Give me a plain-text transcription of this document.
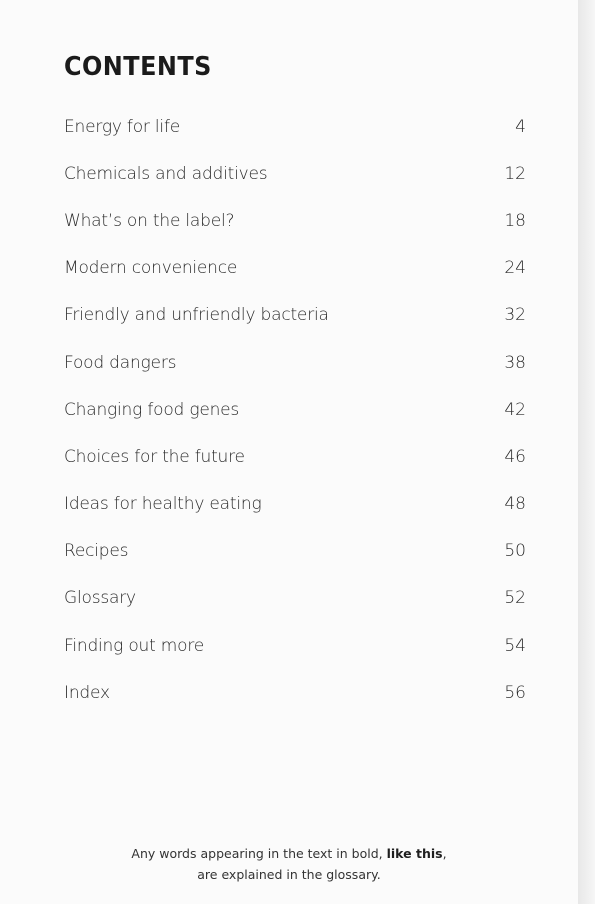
CONTENTS
Energy for life	4
Chemicals and additives	12
What’s on the label?	18
Modern convenience	24
Friendly and unfriendly bacteria	32
Food dangers	38
Changing food genes	42
Choices for the future	46
Ideas for healthy eating	48
Recipes	50
Glossary	52
Finding out more	54
Index	56
Any words appearing in the text in bold, like this,
are explained in the glossary.
